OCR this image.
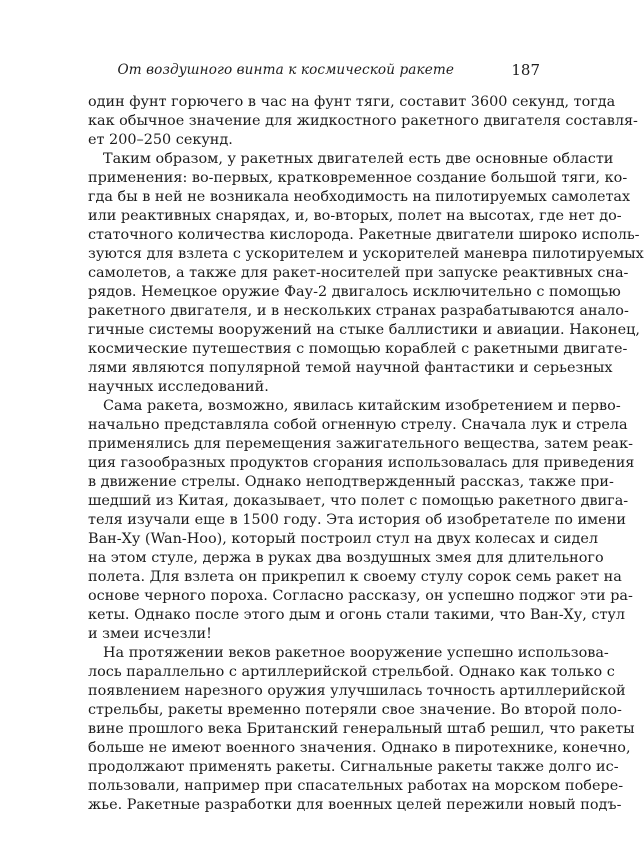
От воздушного винта к космической ракете	187
один фунт горючего в час на фунт тяги, составит 3600 секунд, тогда
как обычное значение для жидкостного ракетного двигателя составля-
ет 200–250 секунд.
Таким образом, у ракетных двигателей есть две основные области
применения: во-первых, кратковременное создание большой тяги, ко-
гда бы в ней не возникала необходимость на пилотируемых самолетах
или реактивных снарядах, и, во-вторых, полет на высотах, где нет до-
статочного количества кислорода. Ракетные двигатели широко исполь-
зуются для взлета с ускорителем и ускорителей маневра пилотируемых
самолетов, а также для ракет-носителей при запуске реактивных сна-
рядов. Немецкое оружие Фау-2 двигалось исключительно с помощью
ракетного двигателя, и в нескольких странах разрабатываются анало-
гичные системы вооружений на стыке баллистики и авиации. Наконец,
космические путешествия с помощью кораблей с ракетными двигате-
лями являются популярной темой научной фантастики и серьезных
научных исследований.
Сама ракета, возможно, явилась китайским изобретением и перво-
начально представляла собой огненную стрелу. Сначала лук и стрела
применялись для перемещения зажигательного вещества, затем реак-
ция газообразных продуктов сгорания использовалась для приведения
в движение стрелы. Однако неподтвержденный рассказ, также при-
шедший из Китая, доказывает, что полет с помощью ракетного двига-
теля изучали еще в 1500 году. Эта история об изобретателе по имени
Ван-Ху (Wan-Hoo), который построил стул на двух колесах и сидел
на этом стуле, держа в руках два воздушных змея для длительного
полета. Для взлета он прикрепил к своему стулу сорок семь ракет на
основе черного пороха. Согласно рассказу, он успешно поджог эти ра-
кеты. Однако после этого дым и огонь стали такими, что Ван-Ху, стул
и змеи исчезли!
На протяжении веков ракетное вооружение успешно использова-
лось параллельно с артиллерийской стрельбой. Однако как только с
появлением нарезного оружия улучшилась точность артиллерийской
стрельбы, ракеты временно потеряли свое значение. Во второй поло-
вине прошлого века Британский генеральный штаб решил, что ракеты
больше не имеют военного значения. Однако в пиротехнике, конечно,
продолжают применять ракеты. Сигнальные ракеты также долго ис-
пользовали, например при спасательных работах на морском побере-
жье. Ракетные разработки для военных целей пережили новый подъ-
